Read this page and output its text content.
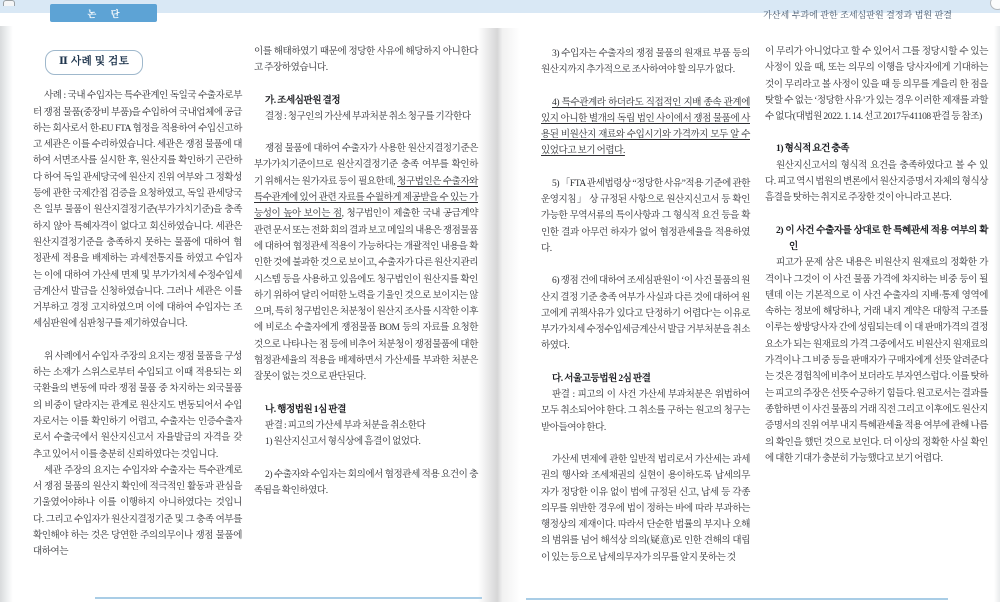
논 단	가산세 부과에 관한 조세심판원 결정과 법원 판결
Ⅱ 사례 및 검토

사례 : 국내 수입자는 특수관계인 독일국 수출자로부터 쟁점 물품(중장비 부품)을 수입하여 국내업체에 공급하는 회사로서 한-EU FTA 협정을 적용하여 수입신고하고 세관은 이를 수리하였습니다. 세관은 쟁점 물품에 대하여 서면조사를 실시한 후, 원산지를 확인하기 곤란하다 하여 독일 관세당국에 원산지 진위 여부와 그 정확성 등에 관한 국제간접 검증을 요청하였고, 독일 관세당국은 일부 물품이 원산지결정기준(부가가치기준)을 충족하지 않아 특혜자격이 없다고 회신하였습니다. 세관은 원산지결정기준을 충족하지 못하는 물품에 대하여 협정관세 적용을 배제하는 과세전통지를 하였고 수입자는 이에 대하여 가산세 면제 및 부가가치세 수정수입세금계산서 발급을 신청하였습니다. 그러나 세관은 이를 거부하고 경정 고지하였으며 이에 대하여 수입자는 조세심판원에 심판청구를 제기하였습니다.

위 사례에서 수입자 주장의 요지는 쟁점 물품을 구성하는 소재가 스위스로부터 수입되고 이때 적용되는 외국환율의 변동에 따라 쟁점 물품 중 차지하는 외국물품의 비중이 달라지는 관계로 원산지도 변동되어서 수입자로서는 이를 확인하기 어렵고, 수출자는 인증수출자로서 수출국에서 원산지신고서 자율발급의 자격을 갖추고 있어서 이를 충분히 신뢰하였다는 것입니다.

세관 주장의 요지는 수입자와 수출자는 특수관계로서 쟁점 물품의 원산지 확인에 적극적인 활동과 관심을 기울였어야하나 이를 이행하지 아니하였다는 것입니다. 그리고 수입자가 원산지결정기준 및 그 충족 여부를 확인해야 하는 것은 당연한 주의의무이나 쟁점 물품에 대하여는

이를 해태하였기 때문에 정당한 사유에 해당하지 아니한다고 주장하였습니다.

가. 조세심판원 결정

결정 : 청구인의 가산세 부과처분 취소 청구를 기각한다

쟁점 물품에 대하여 수출자가 사용한 원산지결정기준은 부가가치기준이므로 원산지결정기준 충족 여부를 확인하기 위해서는 원가자료 등이 필요한데, 청구법인은 수출자와 특수관계에 있어 관련 자료를 수월하게 제공받을 수 있는 가능성이 높아 보이는 점, 청구법인이 제출한 국내 공급계약 관련 문서 또는 전화 회의 결과 보고 메일의 내용은 쟁점물품에 대하여 협정관세 적용이 가능하다는 개괄적인 내용을 확인한 것에 불과한 것으로 보이고, 수출자가 다른 원산지관리시스템 등을 사용하고 있음에도 청구법인이 원산지를 확인하기 위하여 달리 어떠한 노력을 기울인 것으로 보이지는 않으며, 특히 청구법인은 처분청이 원산지 조사를 시작한 이후에 비로소 수출자에게 쟁점물품 BOM 등의 자료를 요청한 것으로 나타나는 점 등에 비추어 처분청이 쟁점물품에 대한 협정관세율의 적용을 배제하면서 가산세를 부과한 처분은 잘못이 없는 것으로 판단된다.

나. 행정법원 1심 판결

판결 : 피고의 가산세 부과 처분을 취소한다

1) 원산지신고서 형식상에 흠결이 없었다.

2) 수출자와 수입자는 회의에서 협정관세 적용 요건이 충족됨을 확인하였다.

3) 수입자는 수출자의 쟁점 물품의 원재료 부품 등의 원산지까지 추가적으로 조사하여야 할 의무가 없다.

4) 특수관계라 하더라도 직접적인 지배 종속 관계에 있지 아니한 별개의 독립 법인 사이에서 쟁점 물품에 사용된 비원산지 재료와 수입시기와 가격까지 모두 알 수 있었다고 보기 어렵다.

5) 「FTA 관세법령상 “정당한 사유”적용 기준에 관한 운영지침」 상 규정된 사항으로 원산지신고서 등 확인 가능한 무역서류의 특이사항과 그 형식적 요건 등을 확인한 결과 아무런 하자가 없어 협정관세율을 적용하였다.

6) 쟁점 건에 대하여 조세심판원이 ‘이 사건 물품의 원산지 결정 기준 충족 여부가 사실과 다른 것에 대하여 원고에게 귀책사유가 있다고 단정하기 어렵다’는 이유로 부가가치세 수정수입세금계산서 발급 거부처분을 취소하였다.

다. 서울고등법원 2심 판결

판결 : 피고의 이 사건 가산세 부과처분은 위법하여 모두 취소되어야 한다. 그 취소를 구하는 원고의 청구는 받아들여야 한다.

가산세 면제에 관한 일반적 법리로서 가산세는 과세권의 행사와 조세채권의 실현이 용이하도록 납세의무자가 정당한 이유 없이 법에 규정된 신고, 납세 등 각종 의무를 위반한 경우에 법이 정하는 바에 따라 부과하는 행정상의 제재이다. 따라서 단순한 법률의 부지나 오해의 범위를 넘어 해석상 의의(疑意)로 인한 견해의 대립이 있는 등으로 납세의무자가 의무를 알지 못하는 것

이 무리가 아니었다고 할 수 있어서 그를 정당시할 수 있는 사정이 있을 때, 또는 의무의 이행을 당사자에게 기대하는 것이 무리라고 볼 사정이 있을 때 등 의무를 게을리 한 점을 탓할 수 없는 ‘정당한 사유’가 있는 경우 이러한 제재를 과할 수 없다(대법원 2022. 1. 14. 선고 2017두41108 판결 등 참조)

1) 형식적 요건 충족

원산지신고서의 형식적 요건을 충족하였다고 볼 수 있다. 피고 역시 법원의 변론에서 원산지증명서 자체의 형식상 흠결을 탓하는 취지로 주장한 것이 아니라고 본다.

2) 이 사건 수출자를 상대로 한 특혜관세 적용 여부의 확인

피고가 문제 삼은 내용은 비원산지 원재료의 정확한 가격이나 그것이 이 사건 물품 가격에 차지하는 비중 등이 될 텐데 이는 기본적으로 이 사건 수출자의 지배·통제 영역에 속하는 정보에 해당하나, 거래 내지 계약은 대항적 구조를 이루는 쌍방당사자 간에 성립되는데 이 대 판매가격의 결정요소가 되는 원재료의 가격 그중에서도 비원산지 원재료의 가격이나 그 비중 등을 판매자가 구매자에게 선뜻 알려준다는 것은 경험칙에 비추어 보더라도 부자연스럽다. 이를 탓하는 피고의 주장은 선뜻 수긍하기 힘들다. 원고로서는 결과를 종합하면 이 사건 물품의 거래 직전 그리고 이후에도 원산지증명서의 진위 여부 내지 특혜관세율 적용 여부에 관해 나름의 확인을 했던 것으로 보인다. 더 이상의 정확한 사실 확인에 대한 기대가 충분히 가능했다고 보기 어렵다.
